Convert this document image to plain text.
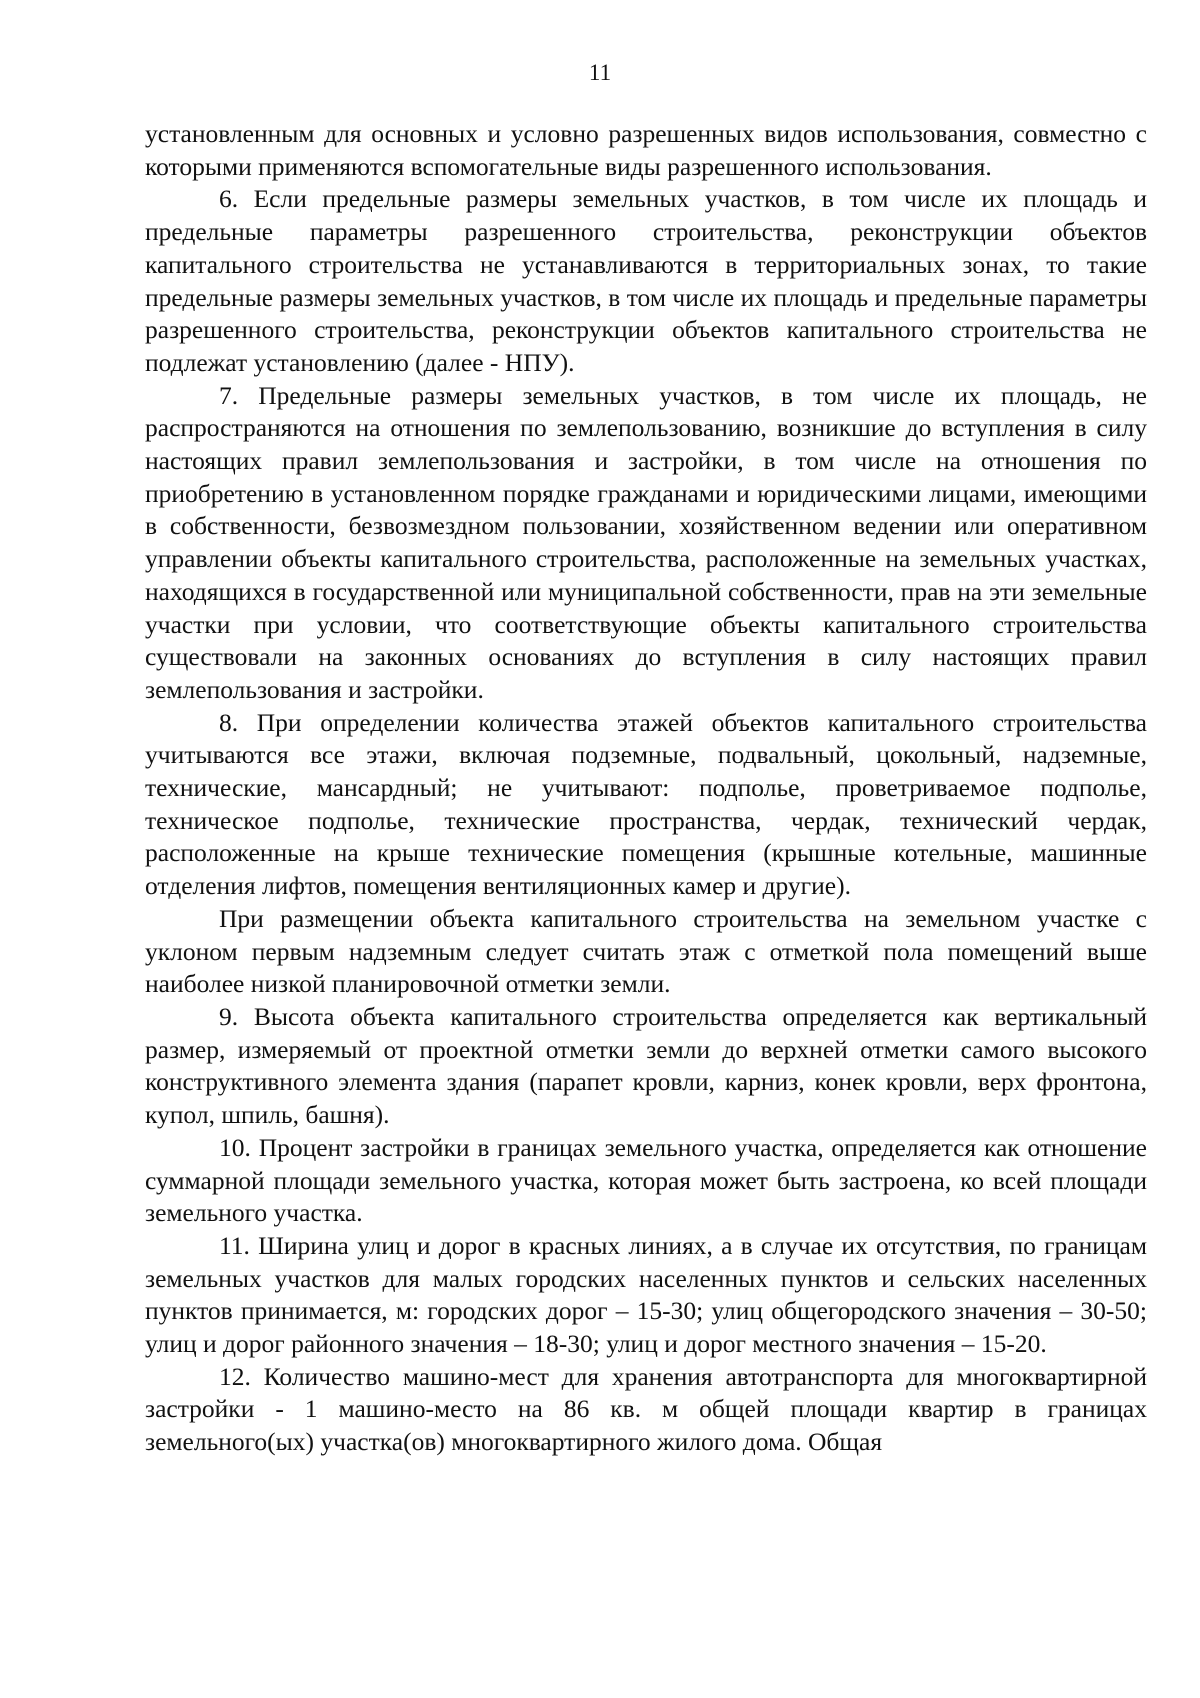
11

установленным для основных и условно разрешенных видов использования, совместно с которыми применяются вспомогательные виды разрешенного использования.

6. Если предельные размеры земельных участков, в том числе их площадь и предельные параметры разрешенного строительства, реконструкции объектов капитального строительства не устанавливаются в территориальных зонах, то такие предельные размеры земельных участков, в том числе их площадь и предельные параметры разрешенного строительства, реконструкции объектов капитального строительства не подлежат установлению (далее - НПУ).

7. Предельные размеры земельных участков, в том числе их площадь, не распространяются на отношения по землепользованию, возникшие до вступления в силу настоящих правил землепользования и застройки, в том числе на отношения по приобретению в установленном порядке гражданами и юридическими лицами, имеющими в собственности, безвозмездном пользовании, хозяйственном ведении или оперативном управлении объекты капитального строительства, расположенные на земельных участках, находящихся в государственной или муниципальной собственности, прав на эти земельные участки при условии, что соответствующие объекты капитального строительства существовали на законных основаниях до вступления в силу настоящих правил землепользования и застройки.

8. При определении количества этажей объектов капитального строительства учитываются все этажи, включая подземные, подвальный, цокольный, надземные, технические, мансардный; не учитывают: подполье, проветриваемое подполье, техническое подполье, технические пространства, чердак, технический чердак, расположенные на крыше технические помещения (крышные котельные, машинные отделения лифтов, помещения вентиляционных камер и другие).

При размещении объекта капитального строительства на земельном участке с уклоном первым надземным следует считать этаж с отметкой пола помещений выше наиболее низкой планировочной отметки земли.

9. Высота объекта капитального строительства определяется как вертикальный размер, измеряемый от проектной отметки земли до верхней отметки самого высокого конструктивного элемента здания (парапет кровли, карниз, конек кровли, верх фронтона, купол, шпиль, башня).

10. Процент застройки в границах земельного участка, определяется как отношение суммарной площади земельного участка, которая может быть застроена, ко всей площади земельного участка.

11. Ширина улиц и дорог в красных линиях, а в случае их отсутствия, по границам земельных участков для малых городских населенных пунктов и сельских населенных пунктов принимается, м: городских дорог – 15-30; улиц общегородского значения – 30-50; улиц и дорог районного значения – 18-30; улиц и дорог местного значения – 15-20.

12. Количество машино-мест для хранения автотранспорта для многоквартирной застройки - 1 машино-место на 86 кв. м общей площади квартир в границах земельного(ых) участка(ов) многоквартирного жилого дома. Общая
